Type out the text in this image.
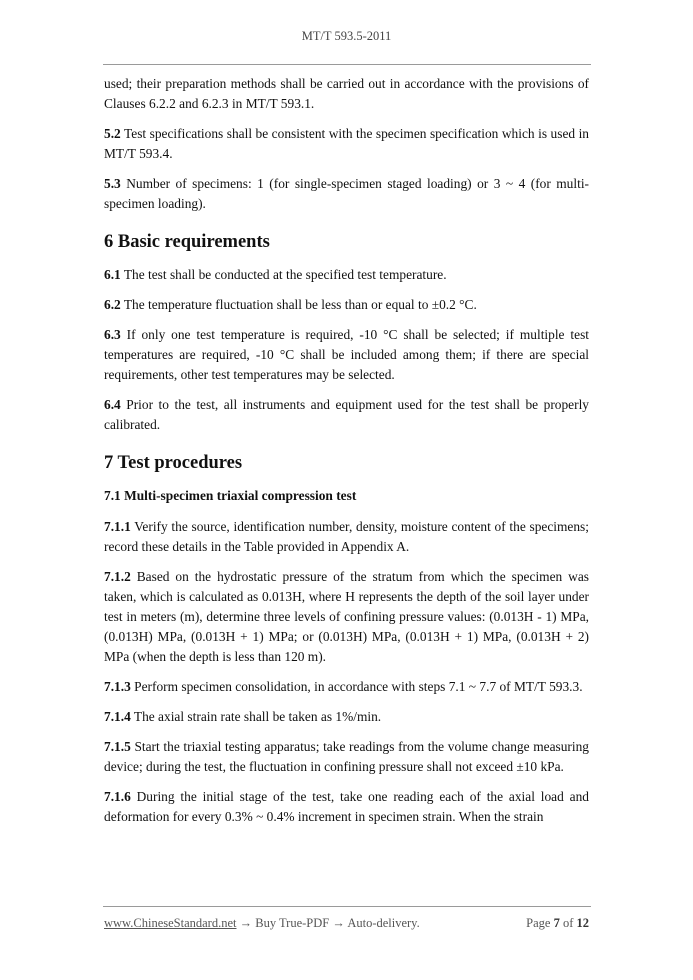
MT/T 593.5-2011

used; their preparation methods shall be carried out in accordance with the provisions of Clauses 6.2.2 and 6.2.3 in MT/T 593.1.

5.2 Test specifications shall be consistent with the specimen specification which is used in MT/T 593.4.

5.3 Number of specimens: 1 (for single-specimen staged loading) or 3 ~ 4 (for multi-specimen loading).

6 Basic requirements

6.1 The test shall be conducted at the specified test temperature.

6.2 The temperature fluctuation shall be less than or equal to ±0.2 °C.

6.3 If only one test temperature is required, -10 °C shall be selected; if multiple test temperatures are required, -10 °C shall be included among them; if there are special requirements, other test temperatures may be selected.

6.4 Prior to the test, all instruments and equipment used for the test shall be properly calibrated.

7 Test procedures
7.1 Multi-specimen triaxial compression test

7.1.1 Verify the source, identification number, density, moisture content of the specimens; record these details in the Table provided in Appendix A.

7.1.2 Based on the hydrostatic pressure of the stratum from which the specimen was taken, which is calculated as 0.013H, where H represents the depth of the soil layer under test in meters (m), determine three levels of confining pressure values: (0.013H - 1) MPa, (0.013H) MPa, (0.013H + 1) MPa; or (0.013H) MPa, (0.013H + 1) MPa, (0.013H + 2) MPa (when the depth is less than 120 m).

7.1.3 Perform specimen consolidation, in accordance with steps 7.1 ~ 7.7 of MT/T 593.3.

7.1.4 The axial strain rate shall be taken as 1%/min.

7.1.5 Start the triaxial testing apparatus; take readings from the volume change measuring device; during the test, the fluctuation in confining pressure shall not exceed ±10 kPa.

7.1.6 During the initial stage of the test, take one reading each of the axial load and deformation for every 0.3% ~ 0.4% increment in specimen strain. When the strain

www.ChineseStandard.net → Buy True-PDF → Auto-delivery.	Page 7 of 12
